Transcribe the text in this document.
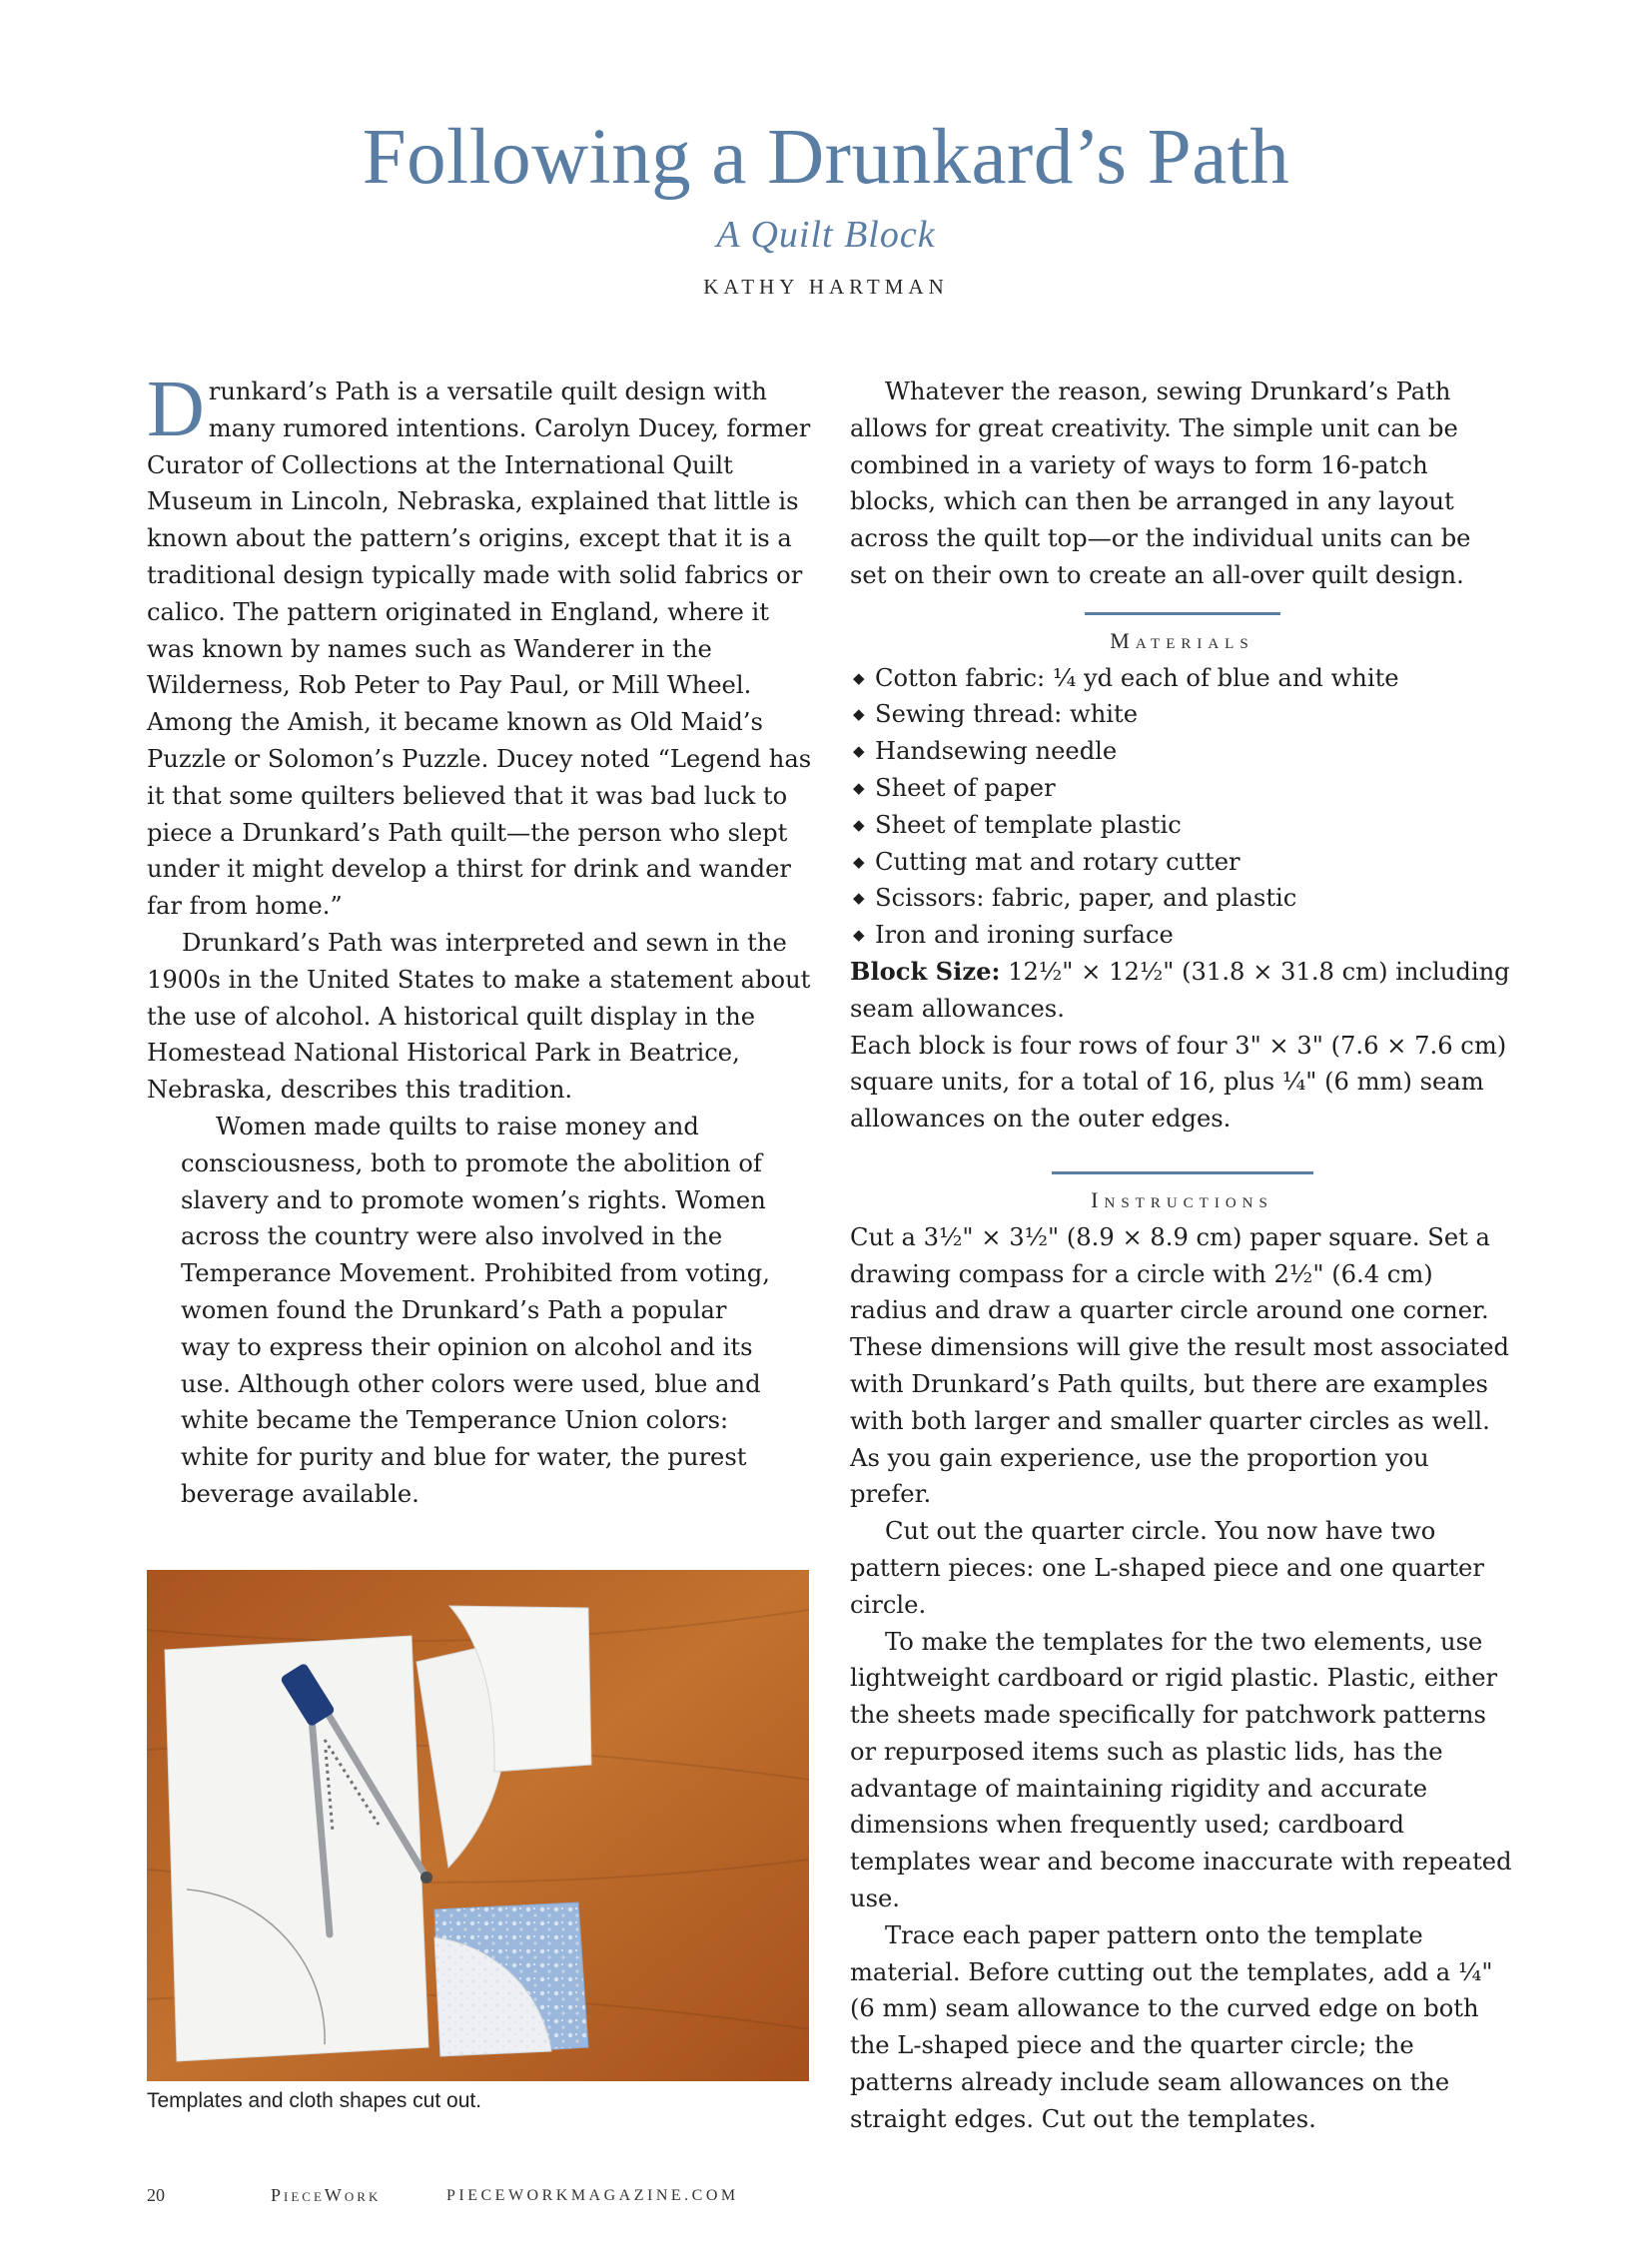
Following a Drunkard’s Path
A Quilt Block
KATHY HARTMAN

Drunkard’s Path is a versatile quilt design with many rumored intentions. Carolyn Ducey, former Curator of Collections at the International Quilt Museum in Lincoln, Nebraska, explained that little is known about the pattern’s origins, except that it is a traditional design typically made with solid fabrics or calico. The pattern originated in England, where it was known by names such as Wanderer in the Wilderness, Rob Peter to Pay Paul, or Mill Wheel. Among the Amish, it became known as Old Maid’s Puzzle or Solomon’s Puzzle. Ducey noted “Legend has it that some quilters believed that it was bad luck to piece a Drunkard’s Path quilt—the person who slept under it might develop a thirst for drink and wander far from home.”

Drunkard’s Path was interpreted and sewn in the 1900s in the United States to make a statement about the use of alcohol. A historical quilt display in the Homestead National Historical Park in Beatrice, Nebraska, describes this tradition.

Women made quilts to raise money and consciousness, both to promote the abolition of slavery and to promote women’s rights. Women across the country were also involved in the Temperance Movement. Prohibited from voting, women found the Drunkard’s Path a popular way to express their opinion on alcohol and its use. Although other colors were used, blue and white became the Temperance Union colors: white for purity and blue for water, the purest beverage available.

Templates and cloth shapes cut out.

Whatever the reason, sewing Drunkard’s Path allows for great creativity. The simple unit can be combined in a variety of ways to form 16-patch blocks, which can then be arranged in any layout across the quilt top—or the individual units can be set on their own to create an all-over quilt design.

Materials
◆ Cotton fabric: ¼ yd each of blue and white
◆ Sewing thread: white
◆ Handsewing needle
◆ Sheet of paper
◆ Sheet of template plastic
◆ Cutting mat and rotary cutter
◆ Scissors: fabric, paper, and plastic
◆ Iron and ironing surface

Block Size: 12½" × 12½" (31.8 × 31.8 cm) including seam allowances.

Each block is four rows of four 3" × 3" (7.6 × 7.6 cm) square units, for a total of 16, plus ¼" (6 mm) seam allowances on the outer edges.

Instructions

Cut a 3½" × 3½" (8.9 × 8.9 cm) paper square. Set a drawing compass for a circle with 2½" (6.4 cm) radius and draw a quarter circle around one corner. These dimensions will give the result most associated with Drunkard’s Path quilts, but there are examples with both larger and smaller quarter circles as well. As you gain experience, use the proportion you prefer.

Cut out the quarter circle. You now have two pattern pieces: one L-shaped piece and one quarter circle.

To make the templates for the two elements, use lightweight cardboard or rigid plastic. Plastic, either the sheets made specifically for patchwork patterns or repurposed items such as plastic lids, has the advantage of maintaining rigidity and accurate dimensions when frequently used; cardboard templates wear and become inaccurate with repeated use.

Trace each paper pattern onto the template material. Before cutting out the templates, add a ¼" (6 mm) seam allowance to the curved edge on both the L-shaped piece and the quarter circle; the patterns already include seam allowances on the straight edges. Cut out the templates.

20	PieceWork	PIECEWORKMAGAZINE.COM
